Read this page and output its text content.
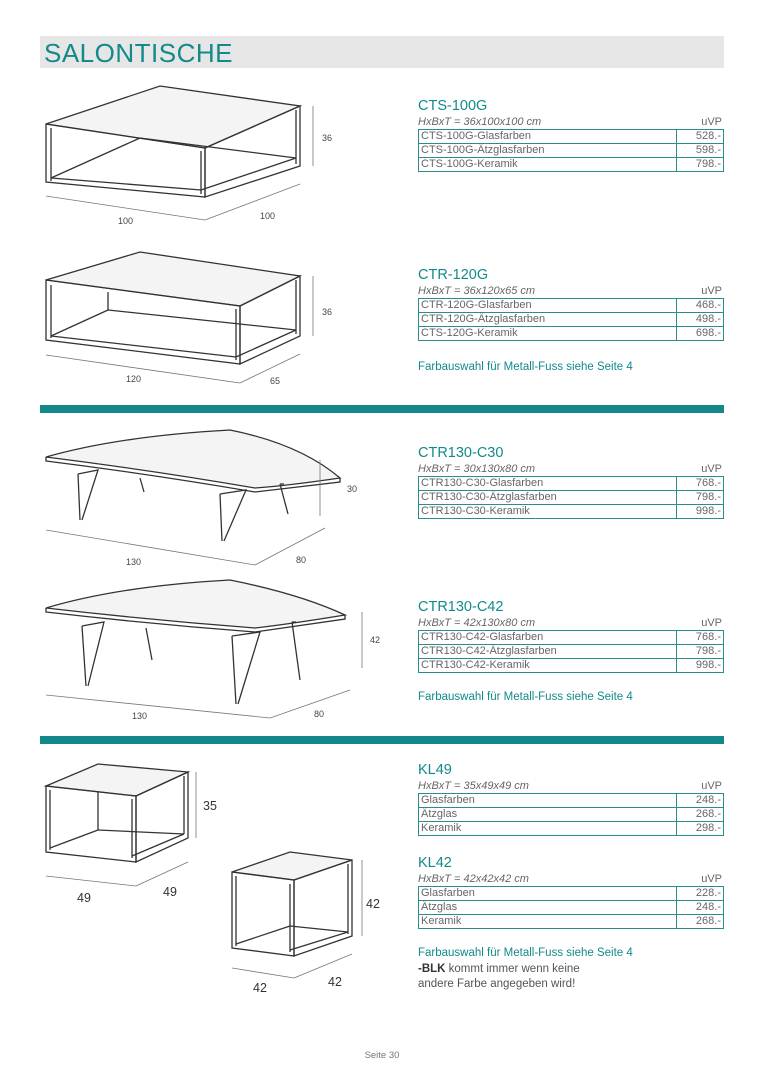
SALONTISCHE
36
100	100
36
120	65
30
130	80
42
130	80
35
49	49
42
42	42
CTS-100G
HxBxT = 36x100x100 cm	uVP
CTS-100G-Glasfarben	528.-
CTS-100G-Ätzglasfarben	598.-
CTS-100G-Keramik	798.-
CTR-120G
HxBxT = 36x120x65 cm	uVP
CTR-120G-Glasfarben	468.-
CTR-120G-Ätzglasfarben	498.-
CTS-120G-Keramik	698.-
Farbauswahl für Metall-Fuss siehe Seite 4
CTR130-C30
HxBxT = 30x130x80 cm	uVP
CTR130-C30-Glasfarben	768.-
CTR130-C30-Ätzglasfarben	798.-
CTR130-C30-Keramik	998.-
CTR130-C42
HxBxT = 42x130x80 cm	uVP
CTR130-C42-Glasfarben	768.-
CTR130-C42-Ätzglasfarben	798.-
CTR130-C42-Keramik	998.-
Farbauswahl für Metall-Fuss siehe Seite 4
KL49
HxBxT = 35x49x49 cm	uVP
Glasfarben	248.-
Ätzglas	268.-
Keramik	298.-
KL42
HxBxT = 42x42x42 cm	uVP
Glasfarben	228.-
Ätzglas	248.-
Keramik	268.-
Farbauswahl für Metall-Fuss siehe Seite 4
-BLK kommt immer wenn keine
andere Farbe angegeben wird!
Seite 30
